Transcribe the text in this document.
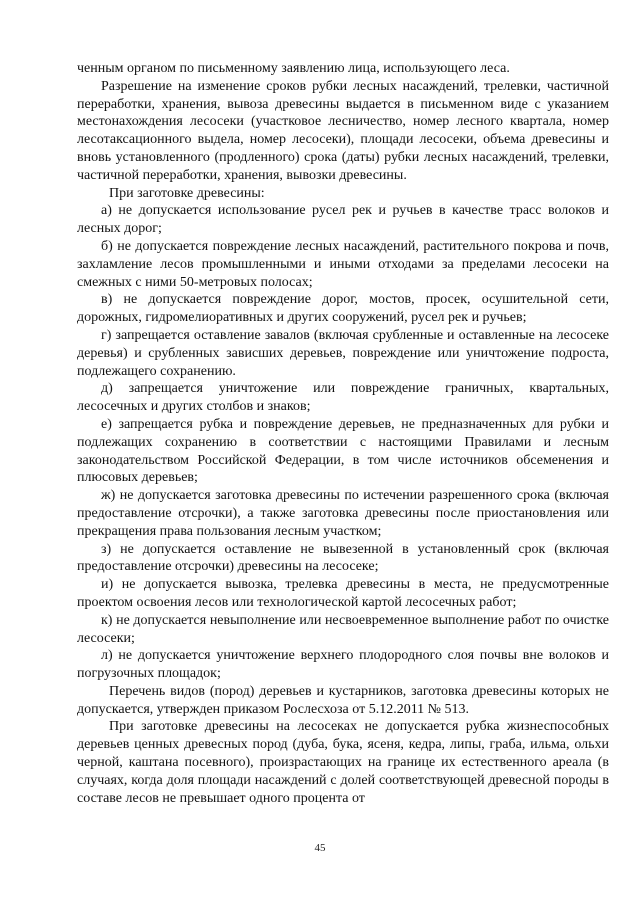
ченным органом по письменному заявлению лица, использующего леса.

Разрешение на изменение сроков рубки лесных насаждений, трелевки, частичной переработки, хранения, вывоза древесины выдается в письменном виде с указанием местонахождения лесосеки (участковое лесничество, номер лесного квартала, номер лесотаксационного выдела, номер лесосеки), площади лесосеки, объема древесины и вновь установленного (продленного) срока (даты) рубки лесных насаждений, трелевки, частичной переработки, хранения, вывозки древесины.

При заготовке древесины:

а) не допускается использование русел рек и ручьев в качестве трасс волоков и лесных дорог;

б) не допускается повреждение лесных насаждений, растительного покрова и почв, захламление лесов промышленными и иными отходами за пределами лесосеки на смежных с ними 50-метровых полосах;

в) не допускается повреждение дорог, мостов, просек, осушительной сети, дорожных, гидромелиоративных и других сооружений, русел рек и ручьев;

г) запрещается оставление завалов (включая срубленные и оставленные на лесосеке деревья) и срубленных зависших деревьев, повреждение или уничтожение подроста, подлежащего сохранению.

д) запрещается уничтожение или повреждение граничных, квартальных, лесосечных и других столбов и знаков;

е) запрещается рубка и повреждение деревьев, не предназначенных для рубки и подлежащих сохранению в соответствии с настоящими Правилами и лесным законодательством Российской Федерации, в том числе источников обсеменения и плюсовых деревьев;

ж) не допускается заготовка древесины по истечении разрешенного срока (включая предоставление отсрочки), а также заготовка древесины после приостановления или прекращения права пользования лесным участком;

з) не допускается оставление не вывезенной в установленный срок (включая предоставление отсрочки) древесины на лесосеке;

и) не допускается вывозка, трелевка древесины в места, не предусмотренные проектом освоения лесов или технологической картой лесосечных работ;

к) не допускается невыполнение или несвоевременное выполнение работ по очистке лесосеки;

л) не допускается уничтожение верхнего плодородного слоя почвы вне волоков и погрузочных площадок;

Перечень видов (пород) деревьев и кустарников, заготовка древесины которых не допускается, утвержден приказом Рослесхоза от 5.12.2011 № 513.

При заготовке древесины на лесосеках не допускается рубка жизнеспособных деревьев ценных древесных пород (дуба, бука, ясеня, кедра, липы, граба, ильма, ольхи черной, каштана посевного), произрастающих на границе их естественного ареала (в случаях, когда доля площади насаждений с долей соответствующей древесной породы в составе лесов не превышает одного процента от

45
